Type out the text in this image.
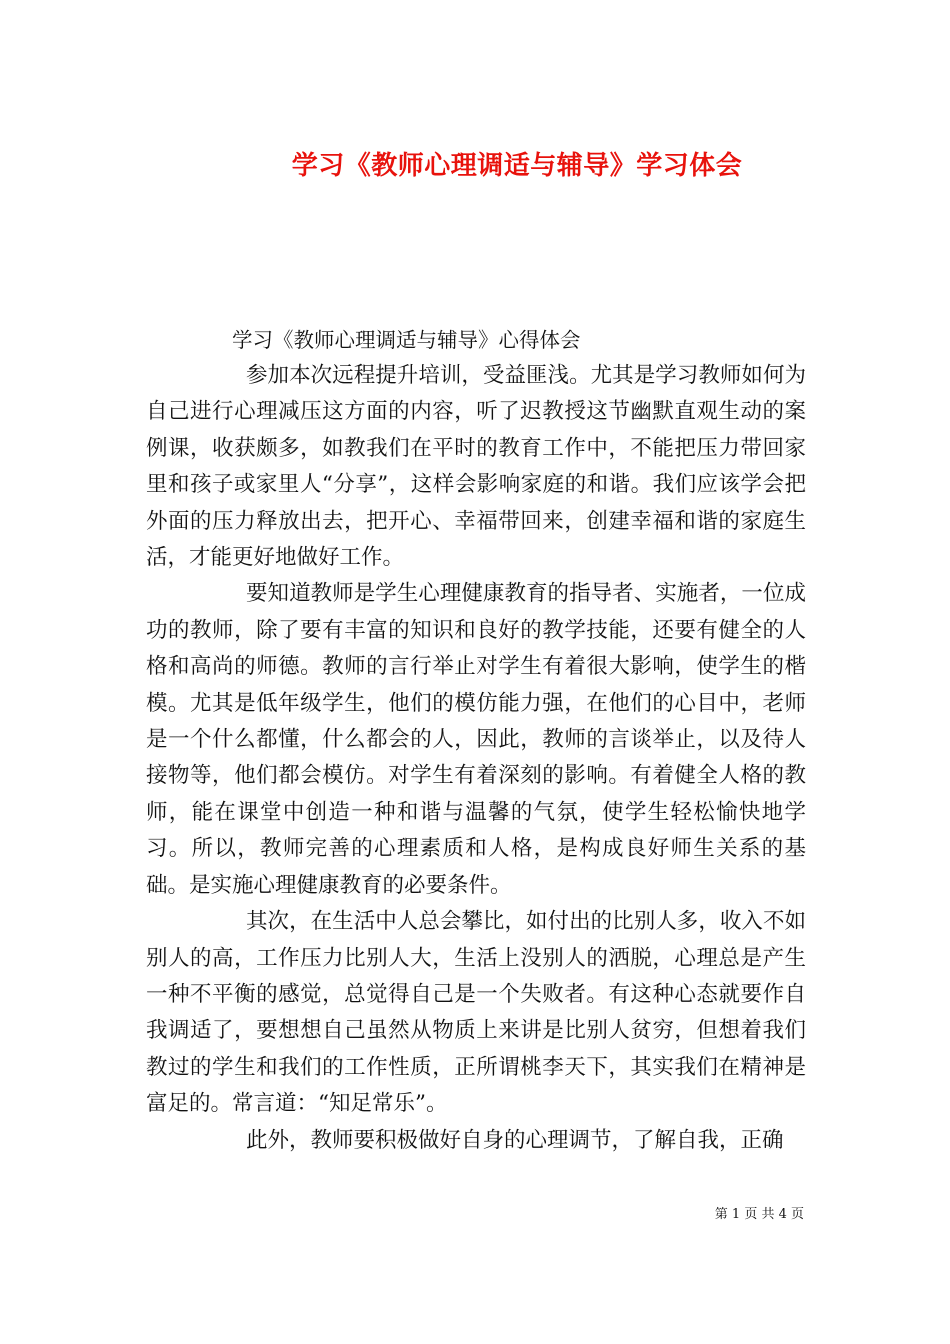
学习《教师心理调适与辅导》学习体会
学习《教师心理调适与辅导》心得体会

参加本次远程提升培训，受益匪浅。尤其是学习教师如何为自己进行心理减压这方面的内容，听了迟教授这节幽默直观生动的案例课，收获颇多，如教我们在平时的教育工作中，不能把压力带回家里和孩子或家里人“分享”，这样会影响家庭的和谐。我们应该学会把外面的压力释放出去，把开心、幸福带回来，创建幸福和谐的家庭生活，才能更好地做好工作。

要知道教师是学生心理健康教育的指导者、实施者，一位成功的教师，除了要有丰富的知识和良好的教学技能，还要有健全的人格和高尚的师德。教师的言行举止对学生有着很大影响，使学生的楷模。尤其是低年级学生，他们的模仿能力强，在他们的心目中，老师是一个什么都懂，什么都会的人，因此，教师的言谈举止，以及待人接物等，他们都会模仿。对学生有着深刻的影响。有着健全人格的教师，能在课堂中创造一种和谐与温馨的气氛，使学生轻松愉快地学习。所以，教师完善的心理素质和人格，是构成良好师生关系的基础。是实施心理健康教育的必要条件。

其次，在生活中人总会攀比，如付出的比别人多，收入不如别人的高，工作压力比别人大，生活上没别人的洒脱，心理总是产生一种不平衡的感觉，总觉得自己是一个失败者。有这种心态就要作自我调适了，要想想自己虽然从物质上来讲是比别人贫穷，但想着我们教过的学生和我们的工作性质，正所谓桃李天下，其实我们在精神是富足的。常言道：“知足常乐”。

此外，教师要积极做好自身的心理调节，了解自我，正确

第 1 页 共 4 页
